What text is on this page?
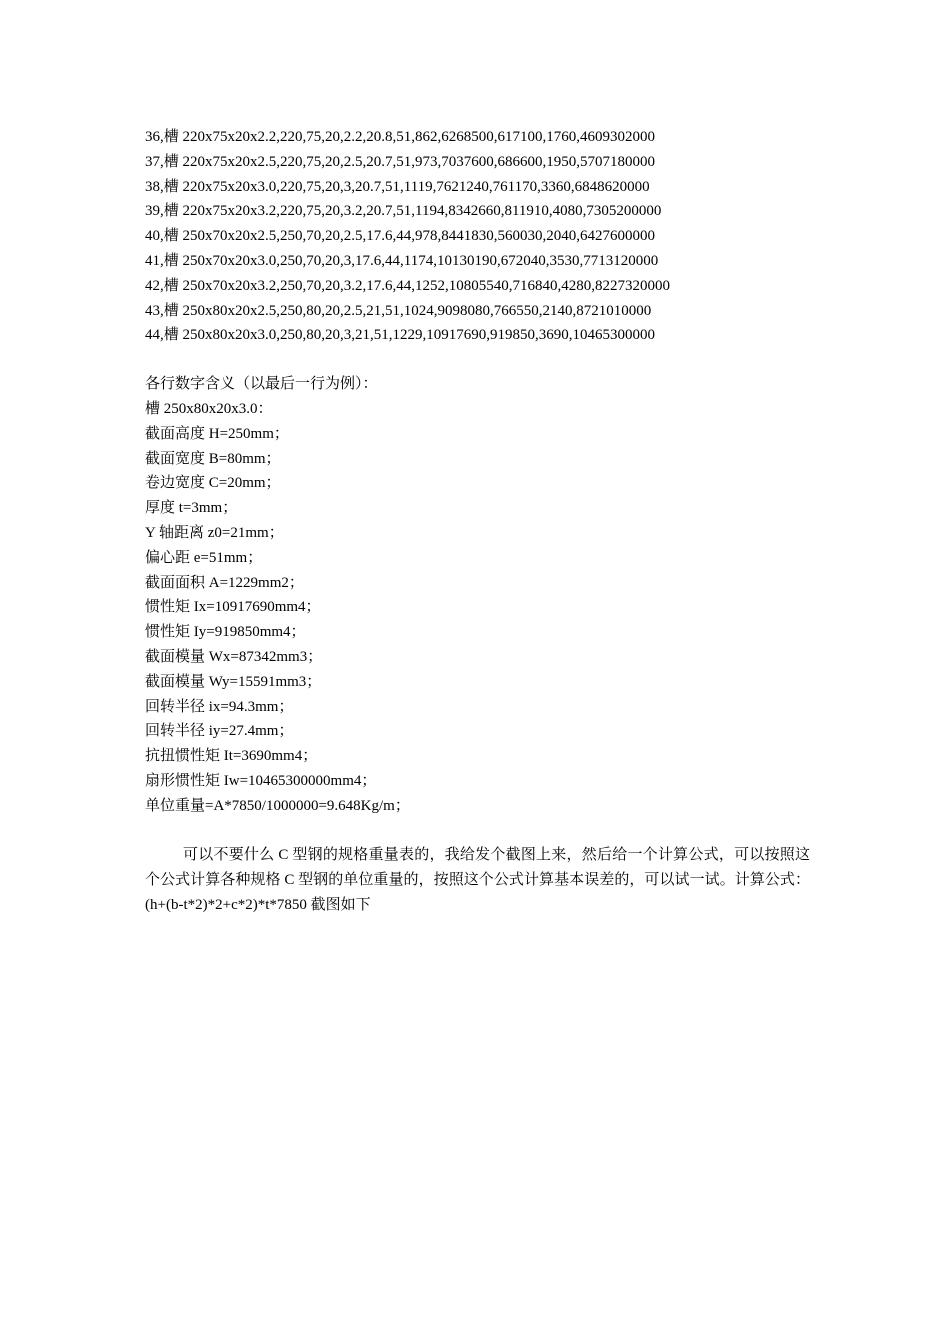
36,槽 220x75x20x2.2,220,75,20,2.2,20.8,51,862,6268500,617100,1760,4609302000
37,槽 220x75x20x2.5,220,75,20,2.5,20.7,51,973,7037600,686600,1950,5707180000
38,槽 220x75x20x3.0,220,75,20,3,20.7,51,1119,7621240,761170,3360,6848620000
39,槽 220x75x20x3.2,220,75,20,3.2,20.7,51,1194,8342660,811910,4080,7305200000
40,槽 250x70x20x2.5,250,70,20,2.5,17.6,44,978,8441830,560030,2040,6427600000
41,槽 250x70x20x3.0,250,70,20,3,17.6,44,1174,10130190,672040,3530,7713120000
42,槽 250x70x20x3.2,250,70,20,3.2,17.6,44,1252,10805540,716840,4280,8227320000
43,槽 250x80x20x2.5,250,80,20,2.5,21,51,1024,9098080,766550,2140,8721010000
44,槽 250x80x20x3.0,250,80,20,3,21,51,1229,10917690,919850,3690,10465300000
各行数字含义（以最后一行为例）：
槽 250x80x20x3.0：
截面高度 H=250mm；
截面宽度 B=80mm；
卷边宽度 C=20mm；
厚度 t=3mm；
Y 轴距离 z0=21mm；
偏心距 e=51mm；
截面面积 A=1229mm2；
惯性矩 Ix=10917690mm4；
惯性矩 Iy=919850mm4；
截面模量 Wx=87342mm3；
截面模量 Wy=15591mm3；
回转半径 ix=94.3mm；
回转半径 iy=27.4mm；
抗扭惯性矩 It=3690mm4；
扇形惯性矩 Iw=10465300000mm4；
单位重量=A*7850/1000000=9.648Kg/m；

可以不要什么 C 型钢的规格重量表的，我给发个截图上来，然后给一个计算公式，可以按照这个公式计算各种规格 C 型钢的单位重量的，按照这个公式计算基本误差的，可以试一试。计算公式：(h+(b-t*2)*2+c*2)*t*7850 截图如下
